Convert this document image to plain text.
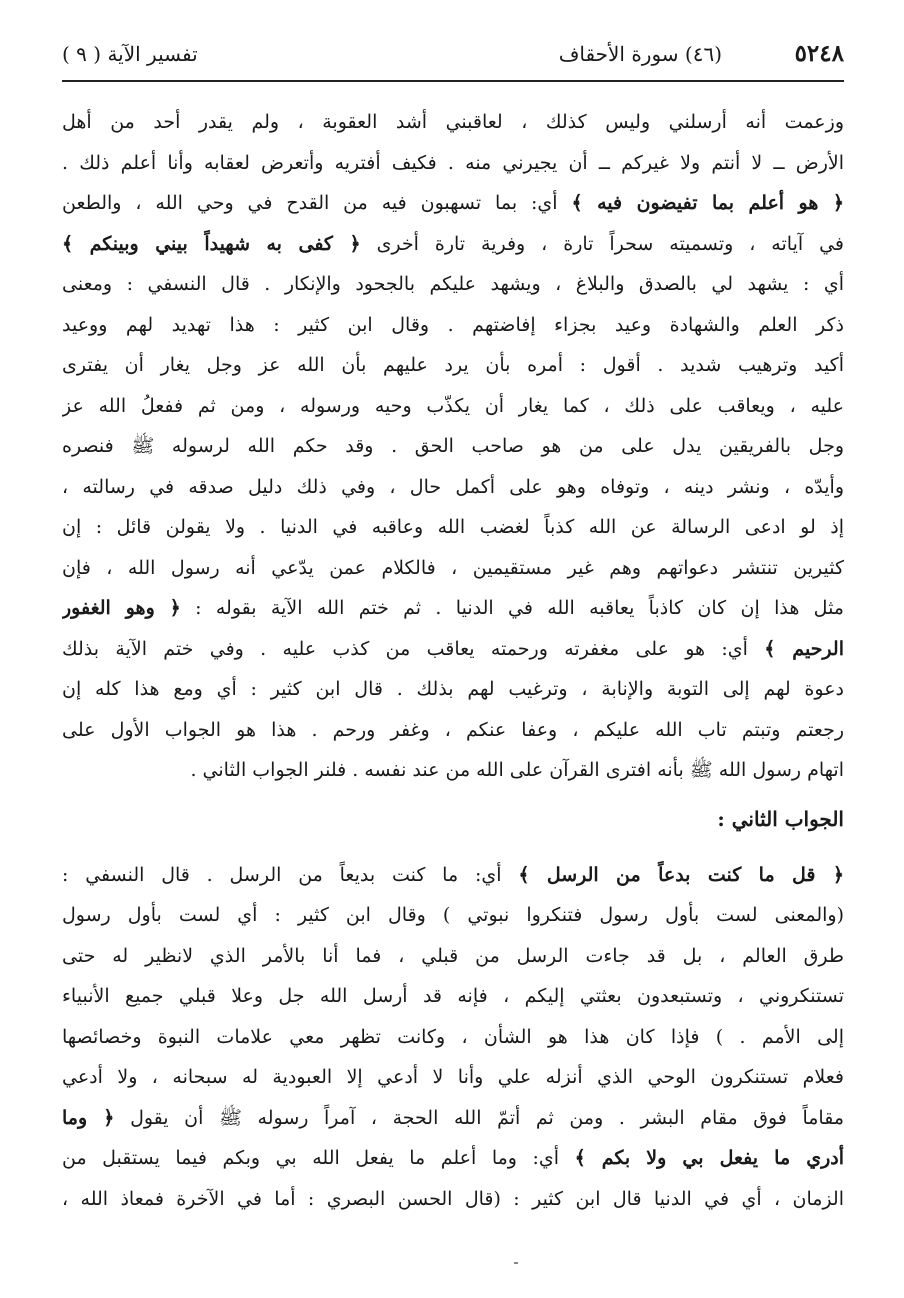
٥٢٤٨
(٤٦) سورة الأحقاف
تفسير الآية ( ٩ )
وزعمت أنه أرسلني وليس كذلك ، لعاقبني أشد العقوبة ، ولم يقدر أحد من أهل
الأرض ــ لا أنتم ولا غيركم ــ أن يجيرني منه . فكيف أفتريه وأتعرض لعقابه وأنا أعلم ذلك .
﴿ هو أعلم بما تفيضون فيه ﴾ أي: بما تسهبون فيه من القدح في وحي الله ، والطعن
في آياته ، وتسميته سحراً تارة ، وفرية تارة أخرى ﴿ كفى به شهيداً بيني وبينكم ﴾
أي : يشهد لي بالصدق والبلاغ ، ويشهد عليكم بالجحود والإنكار . قال النسفي : ومعنى
ذكر العلم والشهادة وعيد بجزاء إفاضتهم . وقال ابن كثير : هذا تهديد لهم ووعيد
أكيد وترهيب شديد . أقول : أمره بأن يرد عليهم بأن الله عز وجل يغار أن يفترى
عليه ، ويعاقب على ذلك ، كما يغار أن يكذّب وحيه ورسوله ، ومن ثم ففعلُ الله عز
وجل بالفريقين يدل على من هو صاحب الحق . وقد حكم الله لرسوله ﷺ فنصره
وأيدّه ، ونشر دينه ، وتوفاه وهو على أكمل حال ، وفي ذلك دليل صدقه في رسالته ،
إذ لو ادعى الرسالة عن الله كذباً لغضب الله وعاقبه في الدنيا . ولا يقولن قائل : إن
كثيرين تنتشر دعواتهم وهم غير مستقيمين ، فالكلام عمن يدّعي أنه رسول الله ، فإن
مثل هذا إن كان كاذباً يعاقبه الله في الدنيا . ثم ختم الله الآية بقوله : ﴿ وهو الغفور
الرحيم ﴾ أي: هو على مغفرته ورحمته يعاقب من كذب عليه . وفي ختم الآية بذلك
دعوة لهم إلى التوبة والإنابة ، وترغيب لهم بذلك . قال ابن كثير : أي ومع هذا كله إن
رجعتم وتبتم تاب الله عليكم ، وعفا عنكم ، وغفر ورحم . هذا هو الجواب الأول على
اتهام رسول الله ﷺ بأنه افترى القرآن على الله من عند نفسه . فلنر الجواب الثاني .
الجواب الثاني :
﴿ قل ما كنت بدعاً من الرسل ﴾ أي: ما كنت بديعاً من الرسل . قال النسفي :
(والمعنى لست بأول رسول فتنكروا نبوتي ) وقال ابن كثير : أي لست بأول رسول
طرق العالم ، بل قد جاءت الرسل من قبلي ، فما أنا بالأمر الذي لانظير له حتى
تستنكروني ، وتستبعدون بعثتي إليكم ، فإنه قد أرسل الله جل وعلا قبلي جميع الأنبياء
إلى الأمم . ) فإذا كان هذا هو الشأن ، وكانت تظهر معي علامات النبوة وخصائصها
فعلام تستنكرون الوحي الذي أنزله علي وأنا لا أدعي إلا العبودية له سبحانه ، ولا أدعي
مقاماً فوق مقام البشر . ومن ثم أتمّ الله الحجة ، آمراً رسوله ﷺ أن يقول ﴿ وما
أدري ما يفعل بي ولا بكم ﴾ أي: وما أعلم ما يفعل الله بي وبكم فيما يستقبل من
الزمان ، أي في الدنيا قال ابن كثير : (قال الحسن البصري : أما في الآخرة فمعاذ الله ،
